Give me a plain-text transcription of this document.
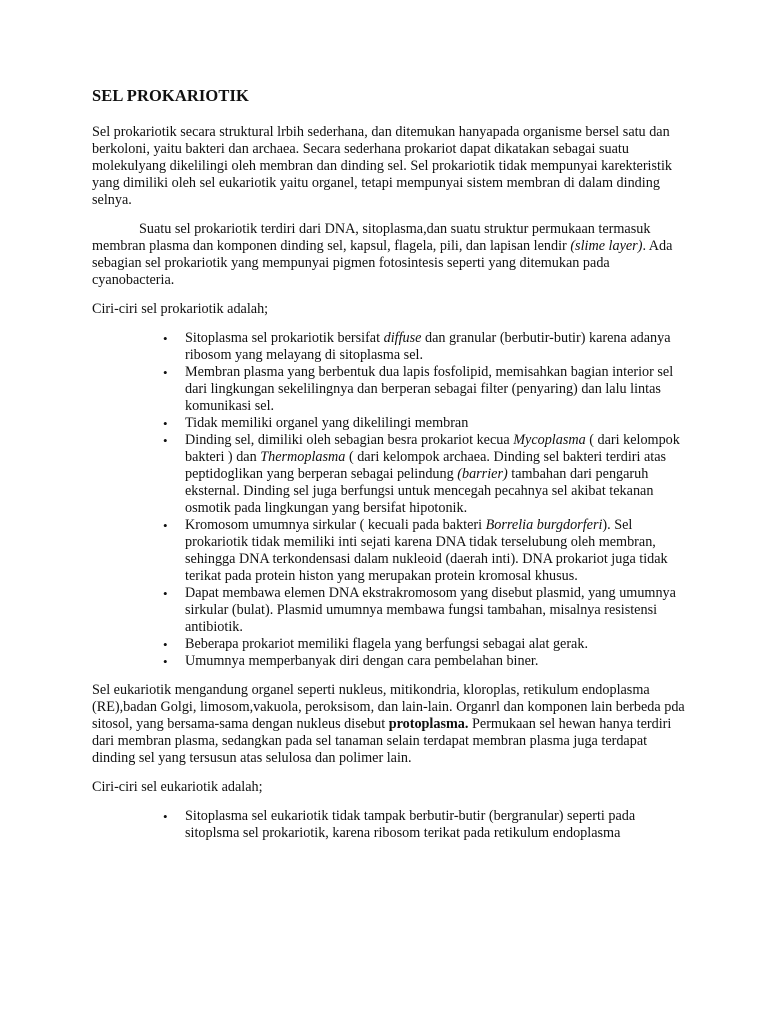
SEL PROKARIOTIK

Sel prokariotik secara struktural lrbih sederhana, dan ditemukan hanyapada organisme bersel satu dan berkoloni, yaitu bakteri dan archaea. Secara sederhana prokariot dapat dikatakan sebagai suatu molekulyang dikelilingi oleh membran dan dinding sel. Sel prokariotik tidak mempunyai karekteristik yang dimiliki oleh sel eukariotik yaitu organel, tetapi mempunyai sistem membran di dalam dinding selnya.

Suatu sel prokariotik terdiri dari DNA, sitoplasma,dan suatu struktur permukaan termasuk membran plasma dan komponen dinding sel, kapsul, flagela, pili, dan lapisan lendir (slime layer). Ada sebagian sel prokariotik yang mempunyai pigmen fotosintesis seperti yang ditemukan pada cyanobacteria.

Ciri-ciri sel prokariotik adalah;

• Sitoplasma sel prokariotik bersifat diffuse dan granular (berbutir-butir) karena adanya ribosom yang melayang di sitoplasma sel.
• Membran plasma yang berbentuk dua lapis fosfolipid, memisahkan bagian interior sel dari lingkungan sekelilingnya dan berperan sebagai filter (penyaring) dan lalu lintas komunikasi sel.
• Tidak memiliki organel yang dikelilingi membran
• Dinding sel, dimiliki oleh sebagian besra prokariot kecua Mycoplasma ( dari kelompok bakteri ) dan Thermoplasma ( dari kelompok archaea. Dinding sel bakteri terdiri atas peptidoglikan yang berperan sebagai pelindung (barrier) tambahan dari pengaruh eksternal. Dinding sel juga berfungsi untuk mencegah pecahnya sel akibat tekanan osmotik pada lingkungan yang bersifat hipotonik.
• Kromosom umumnya sirkular ( kecuali pada bakteri Borrelia burgdorferi). Sel prokariotik tidak memiliki inti sejati karena DNA tidak terselubung oleh membran, sehingga DNA terkondensasi dalam nukleoid (daerah inti). DNA prokariot juga tidak terikat pada protein histon yang merupakan protein kromosal khusus.
• Dapat membawa elemen DNA ekstrakromosom yang disebut plasmid, yang umumnya sirkular (bulat). Plasmid umumnya membawa fungsi tambahan, misalnya resistensi antibiotik.
• Beberapa prokariot memiliki flagela yang berfungsi sebagai alat gerak.
• Umumnya memperbanyak diri dengan cara pembelahan biner.

Sel eukariotik mengandung organel seperti nukleus, mitikondria, kloroplas, retikulum endoplasma (RE),badan Golgi, limosom,vakuola, peroksisom, dan lain-lain. Organrl dan komponen lain berbeda pda sitosol, yang bersama-sama dengan nukleus disebut protoplasma. Permukaan sel hewan hanya terdiri dari membran plasma, sedangkan pada sel tanaman selain terdapat membran plasma juga terdapat dinding sel yang tersusun atas selulosa dan polimer lain.

Ciri-ciri sel eukariotik adalah;

• Sitoplasma sel eukariotik tidak tampak berbutir-butir (bergranular) seperti pada sitoplsma sel prokariotik, karena ribosom terikat pada retikulum endoplasma
